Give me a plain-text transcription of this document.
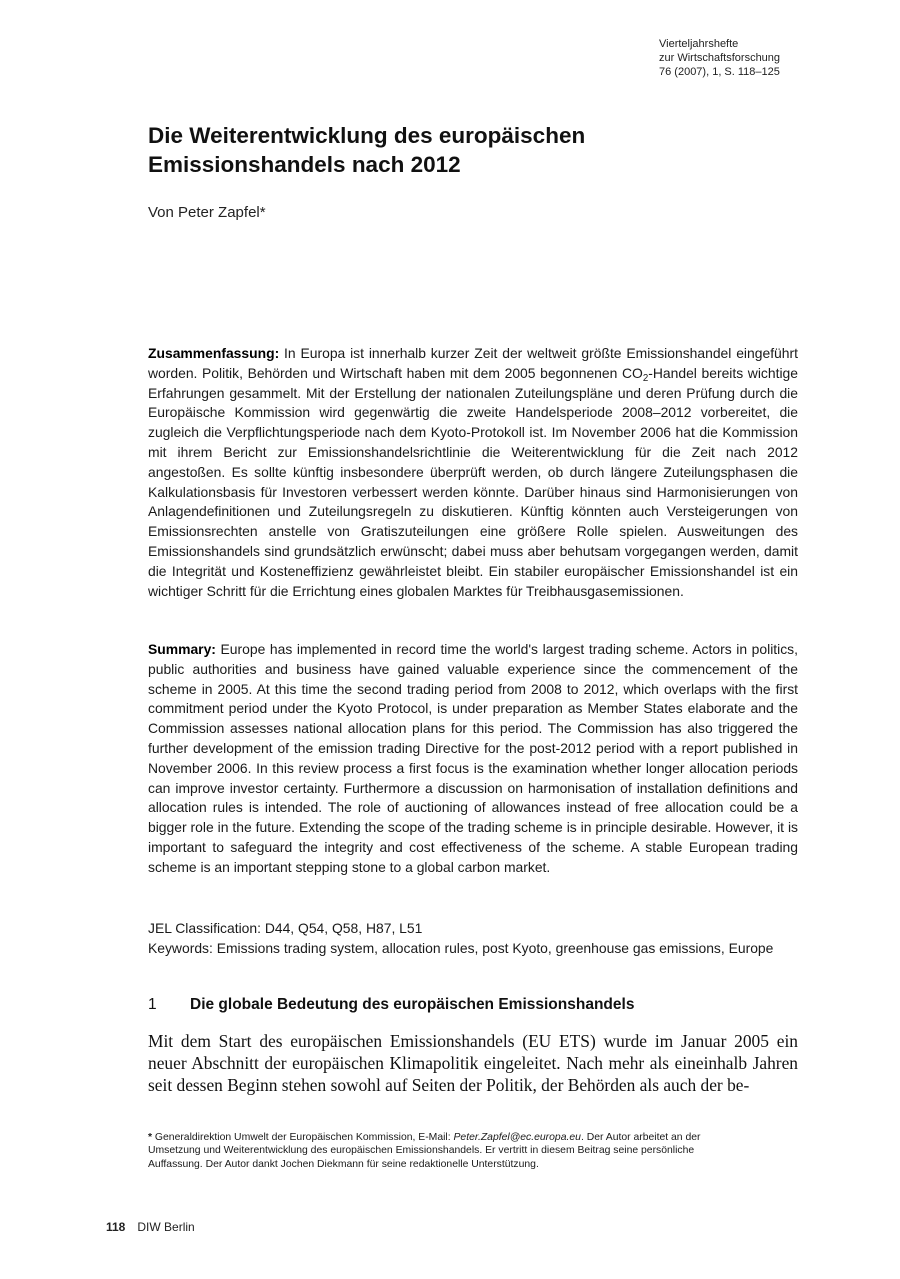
Vierteljahrshefte
zur Wirtschaftsforschung
76 (2007), 1, S. 118–125
Die Weiterentwicklung des europäischen
Emissionshandels nach 2012
Von Peter Zapfel*

Zusammenfassung: In Europa ist innerhalb kurzer Zeit der weltweit größte Emissionshandel eingeführt worden. Politik, Behörden und Wirtschaft haben mit dem 2005 begonnenen $CO_2$-Handel bereits wichtige Erfahrungen gesammelt. Mit der Erstellung der nationalen Zuteilungspläne und deren Prüfung durch die Europäische Kommission wird gegenwärtig die zweite Handelsperiode 2008–2012 vorbereitet, die zugleich die Verpflichtungsperiode nach dem Kyoto-Protokoll ist. Im November 2006 hat die Kommission mit ihrem Bericht zur Emissionshandelsrichtlinie die Weiterentwicklung für die Zeit nach 2012 angestoßen. Es sollte künftig insbesondere überprüft werden, ob durch längere Zuteilungsphasen die Kalkulationsbasis für Investoren verbessert werden könnte. Darüber hinaus sind Harmonisierungen von Anlagendefinitionen und Zuteilungsregeln zu diskutieren. Künftig könnten auch Versteigerungen von Emissionsrechten anstelle von Gratiszuteilungen eine größere Rolle spielen. Ausweitungen des Emissionshandels sind grundsätzlich erwünscht; dabei muss aber behutsam vorgegangen werden, damit die Integrität und Kosteneffizienz gewährleistet bleibt. Ein stabiler europäischer Emissionshandel ist ein wichtiger Schritt für die Errichtung eines globalen Marktes für Treibhausgasemissionen.

Summary: Europe has implemented in record time the world's largest trading scheme. Actors in politics, public authorities and business have gained valuable experience since the commencement of the scheme in 2005. At this time the second trading period from 2008 to 2012, which overlaps with the first commitment period under the Kyoto Protocol, is under preparation as Member States elaborate and the Commission assesses national allocation plans for this period. The Commission has also triggered the further development of the emission trading Directive for the post-2012 period with a report published in November 2006. In this review process a first focus is the examination whether longer allocation periods can improve investor certainty. Furthermore a discussion on harmonisation of installation definitions and allocation rules is intended. The role of auctioning of allowances instead of free allocation could be a bigger role in the future. Extending the scope of the trading scheme is in principle desirable. However, it is important to safeguard the integrity and cost effectiveness of the scheme. A stable European trading scheme is an important stepping stone to a global carbon market.

JEL Classification: D44, Q54, Q58, H87, L51
Keywords: Emissions trading system, allocation rules, post Kyoto, greenhouse gas emissions, Europe
1 Die globale Bedeutung des europäischen Emissionshandels

Mit dem Start des europäischen Emissionshandels (EU ETS) wurde im Januar 2005 ein neuer Abschnitt der europäischen Klimapolitik eingeleitet. Nach mehr als eineinhalb Jahren seit dessen Beginn stehen sowohl auf Seiten der Politik, der Behörden als auch der be-

* Generaldirektion Umwelt der Europäischen Kommission, E-Mail: Peter.Zapfel@ec.europa.eu. Der Autor arbeitet an der Umsetzung und Weiterentwicklung des europäischen Emissionshandels. Er vertritt in diesem Beitrag seine persönliche Auffassung. Der Autor dankt Jochen Diekmann für seine redaktionelle Unterstützung.
118 DIW Berlin
